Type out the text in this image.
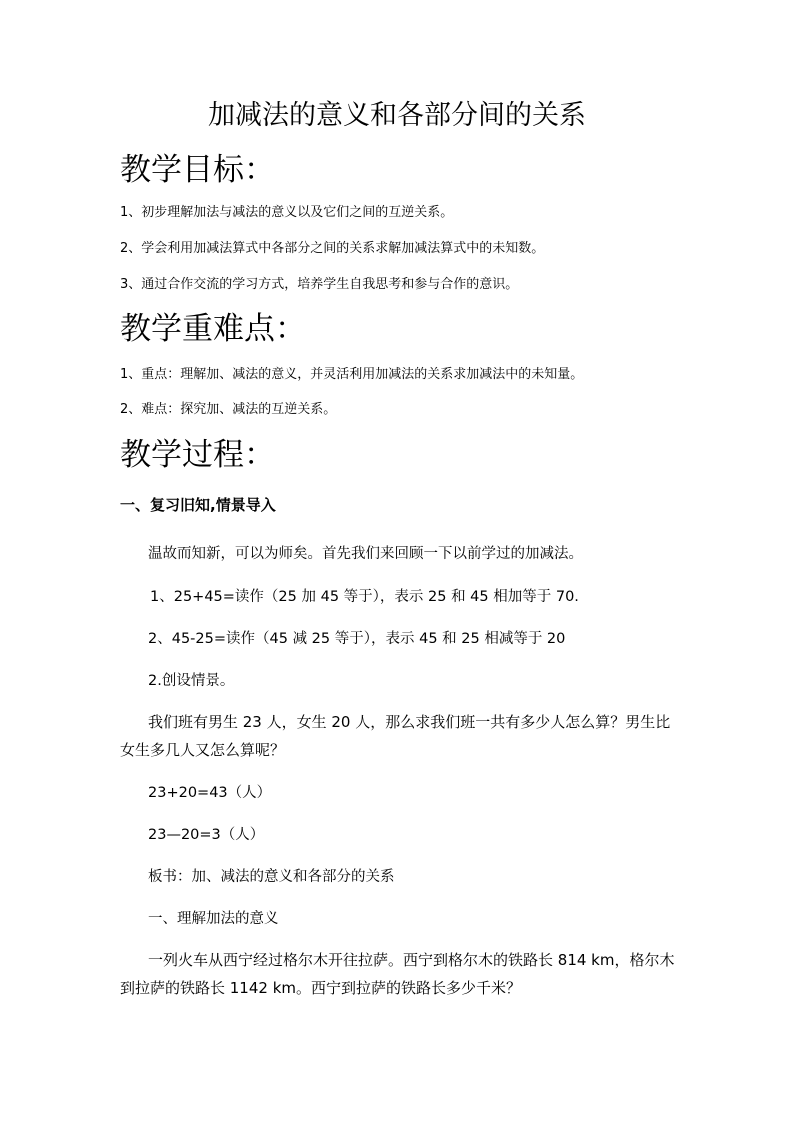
加减法的意义和各部分间的关系
教学目标：
1、初步理解加法与减法的意义以及它们之间的互逆关系。
2、学会利用加减法算式中各部分之间的关系求解加减法算式中的未知数。
3、通过合作交流的学习方式，培养学生自我思考和参与合作的意识。
教学重难点：
1、重点：理解加、减法的意义，并灵活利用加减法的关系求加减法中的未知量。
2、难点：探究加、减法的互逆关系。
教学过程：
一、复习旧知,情景导入
温故而知新，可以为师矣。首先我们来回顾一下以前学过的加减法。
1、25+45=读作（25 加 45 等于），表示 25 和 45 相加等于 70.
2、45-25=读作（45 减 25 等于），表示 45 和 25 相减等于 20
2.创设情景。
我们班有男生 23 人，女生 20 人，那么求我们班一共有多少人怎么算？男生比女生多几人又怎么算呢？
23+20=43（人）
23—20=3（人）
板书：加、减法的意义和各部分的关系
一、理解加法的意义
一列火车从西宁经过格尔木开往拉萨。西宁到格尔木的铁路长 814 km，格尔木到拉萨的铁路长 1142 km。西宁到拉萨的铁路长多少千米？
